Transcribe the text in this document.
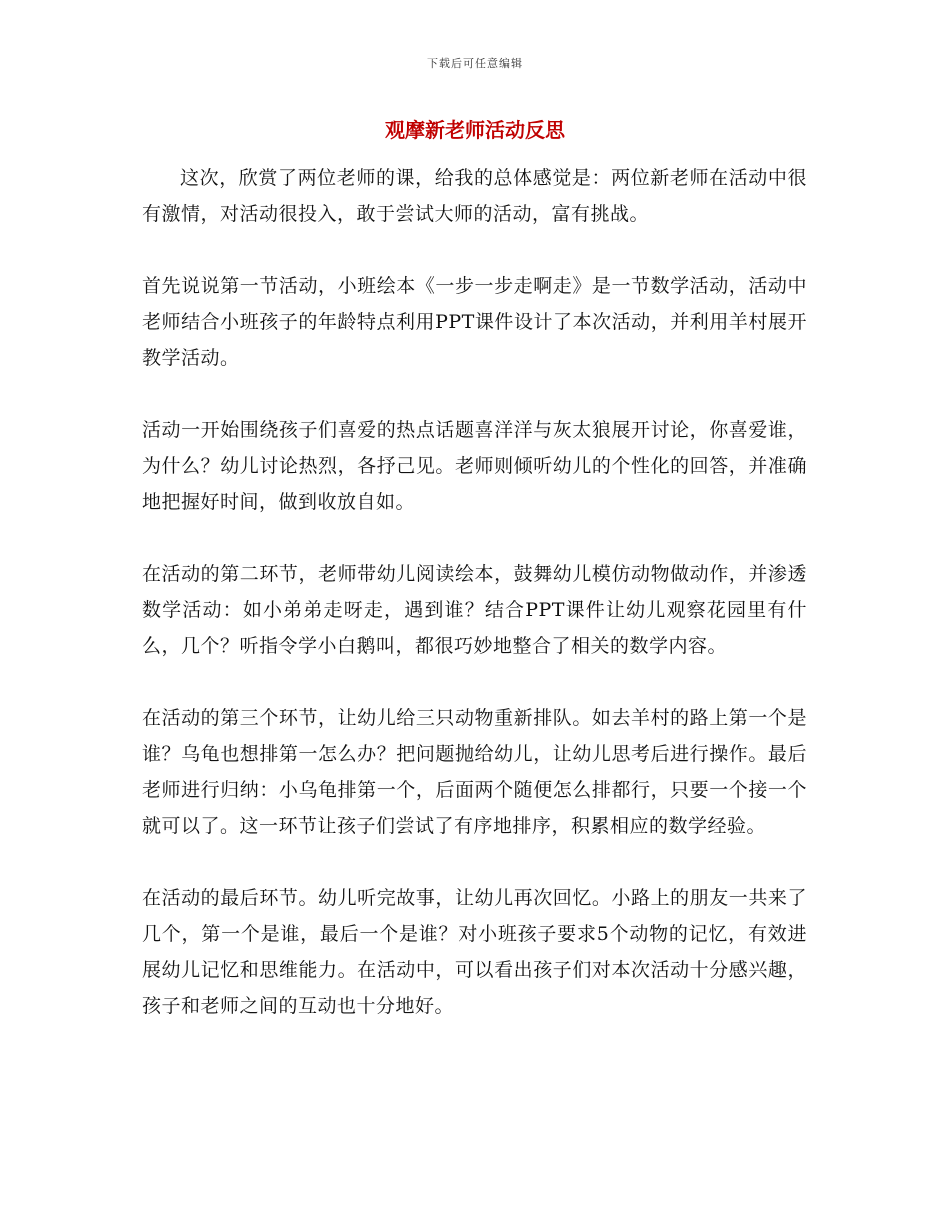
下载后可任意编辑
观摩新老师活动反思

这次，欣赏了两位老师的课，给我的总体感觉是：两位新老师在活动中很有激情，对活动很投入，敢于尝试大师的活动，富有挑战。

首先说说第一节活动，小班绘本《一步一步走啊走》是一节数学活动，活动中老师结合小班孩子的年龄特点利用PPT课件设计了本次活动，并利用羊村展开教学活动。

活动一开始围绕孩子们喜爱的热点话题喜洋洋与灰太狼展开讨论，你喜爱谁，为什么？幼儿讨论热烈，各抒己见。老师则倾听幼儿的个性化的回答，并准确地把握好时间，做到收放自如。

在活动的第二环节，老师带幼儿阅读绘本，鼓舞幼儿模仿动物做动作，并渗透数学活动：如小弟弟走呀走，遇到谁？结合PPT课件让幼儿观察花园里有什么，几个？听指令学小白鹅叫，都很巧妙地整合了相关的数学内容。

在活动的第三个环节，让幼儿给三只动物重新排队。如去羊村的路上第一个是谁？乌龟也想排第一怎么办？把问题抛给幼儿，让幼儿思考后进行操作。最后老师进行归纳：小乌龟排第一个，后面两个随便怎么排都行，只要一个接一个就可以了。这一环节让孩子们尝试了有序地排序，积累相应的数学经验。

在活动的最后环节。幼儿听完故事，让幼儿再次回忆。小路上的朋友一共来了几个，第一个是谁，最后一个是谁？对小班孩子要求5个动物的记忆，有效进展幼儿记忆和思维能力。在活动中，可以看出孩子们对本次活动十分感兴趣，孩子和老师之间的互动也十分地好。
